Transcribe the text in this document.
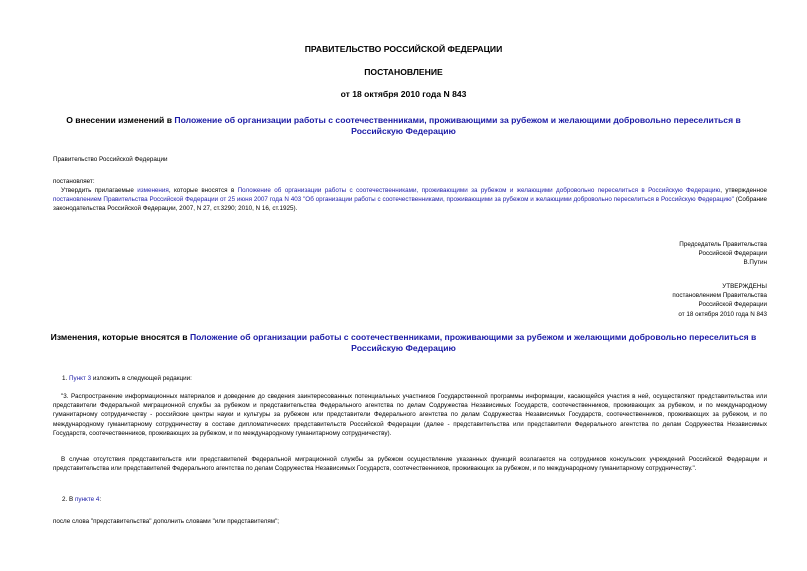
ПРАВИТЕЛЬСТВО РОССИЙСКОЙ ФЕДЕРАЦИИ
ПОСТАНОВЛЕНИЕ
от 18 октября 2010 года N 843
О внесении изменений в Положение об организации работы с соотечественниками, проживающими за рубежом и желающими добровольно переселиться в Российскую Федерацию
Правительство Российской Федерации
постановляет:
Утвердить прилагаемые изменения, которые вносятся в Положение об организации работы с соотечественниками, проживающими за рубежом и желающими добровольно переселиться в Российскую Федерацию, утвержденное постановлением Правительства Российской Федерации от 25 июня 2007 года N 403 "Об организации работы с соотечественниками, проживающими за рубежом и желающими добровольно переселиться в Российскую Федерацию" (Собрание законодательства Российской Федерации, 2007, N 27, ст.3290; 2010, N 16, ст.1925).
Председатель Правительства
Российской Федерации
В.Путин
УТВЕРЖДЕНЫ
постановлением Правительства
Российской Федерации
от 18 октября 2010 года N 843
Изменения, которые вносятся в Положение об организации работы с соотечественниками, проживающими за рубежом и желающими добровольно переселиться в Российскую Федерацию
1. Пункт 3 изложить в следующей редакции:
"3. Распространение информационных материалов и доведение до сведения заинтересованных потенциальных участников Государственной программы информации, касающейся участия в ней, осуществляют представительства или представители Федеральной миграционной службы за рубежом и представительства Федерального агентства по делам Содружества Независимых Государств, соотечественников, проживающих за рубежом, и по международному гуманитарному сотрудничеству - российские центры науки и культуры за рубежом или представители Федерального агентства по делам Содружества Независимых Государств, соотечественников, проживающих за рубежом, и по международному гуманитарному сотрудничеству в составе дипломатических представительств Российской Федерации (далее - представительства или представители Федерального агентства по делам Содружества Независимых Государств, соотечественников, проживающих за рубежом, и по международному гуманитарному сотрудничеству).
В случае отсутствия представительств или представителей Федеральной миграционной службы за рубежом осуществление указанных функций возлагается на сотрудников консульских учреждений Российской Федерации и представительства или представителей Федерального агентства по делам Содружества Независимых Государств, соотечественников, проживающих за рубежом, и по международному гуманитарному сотрудничеству.".
2. В пункте 4:
после слова "представительства" дополнить словами "или представителям";
